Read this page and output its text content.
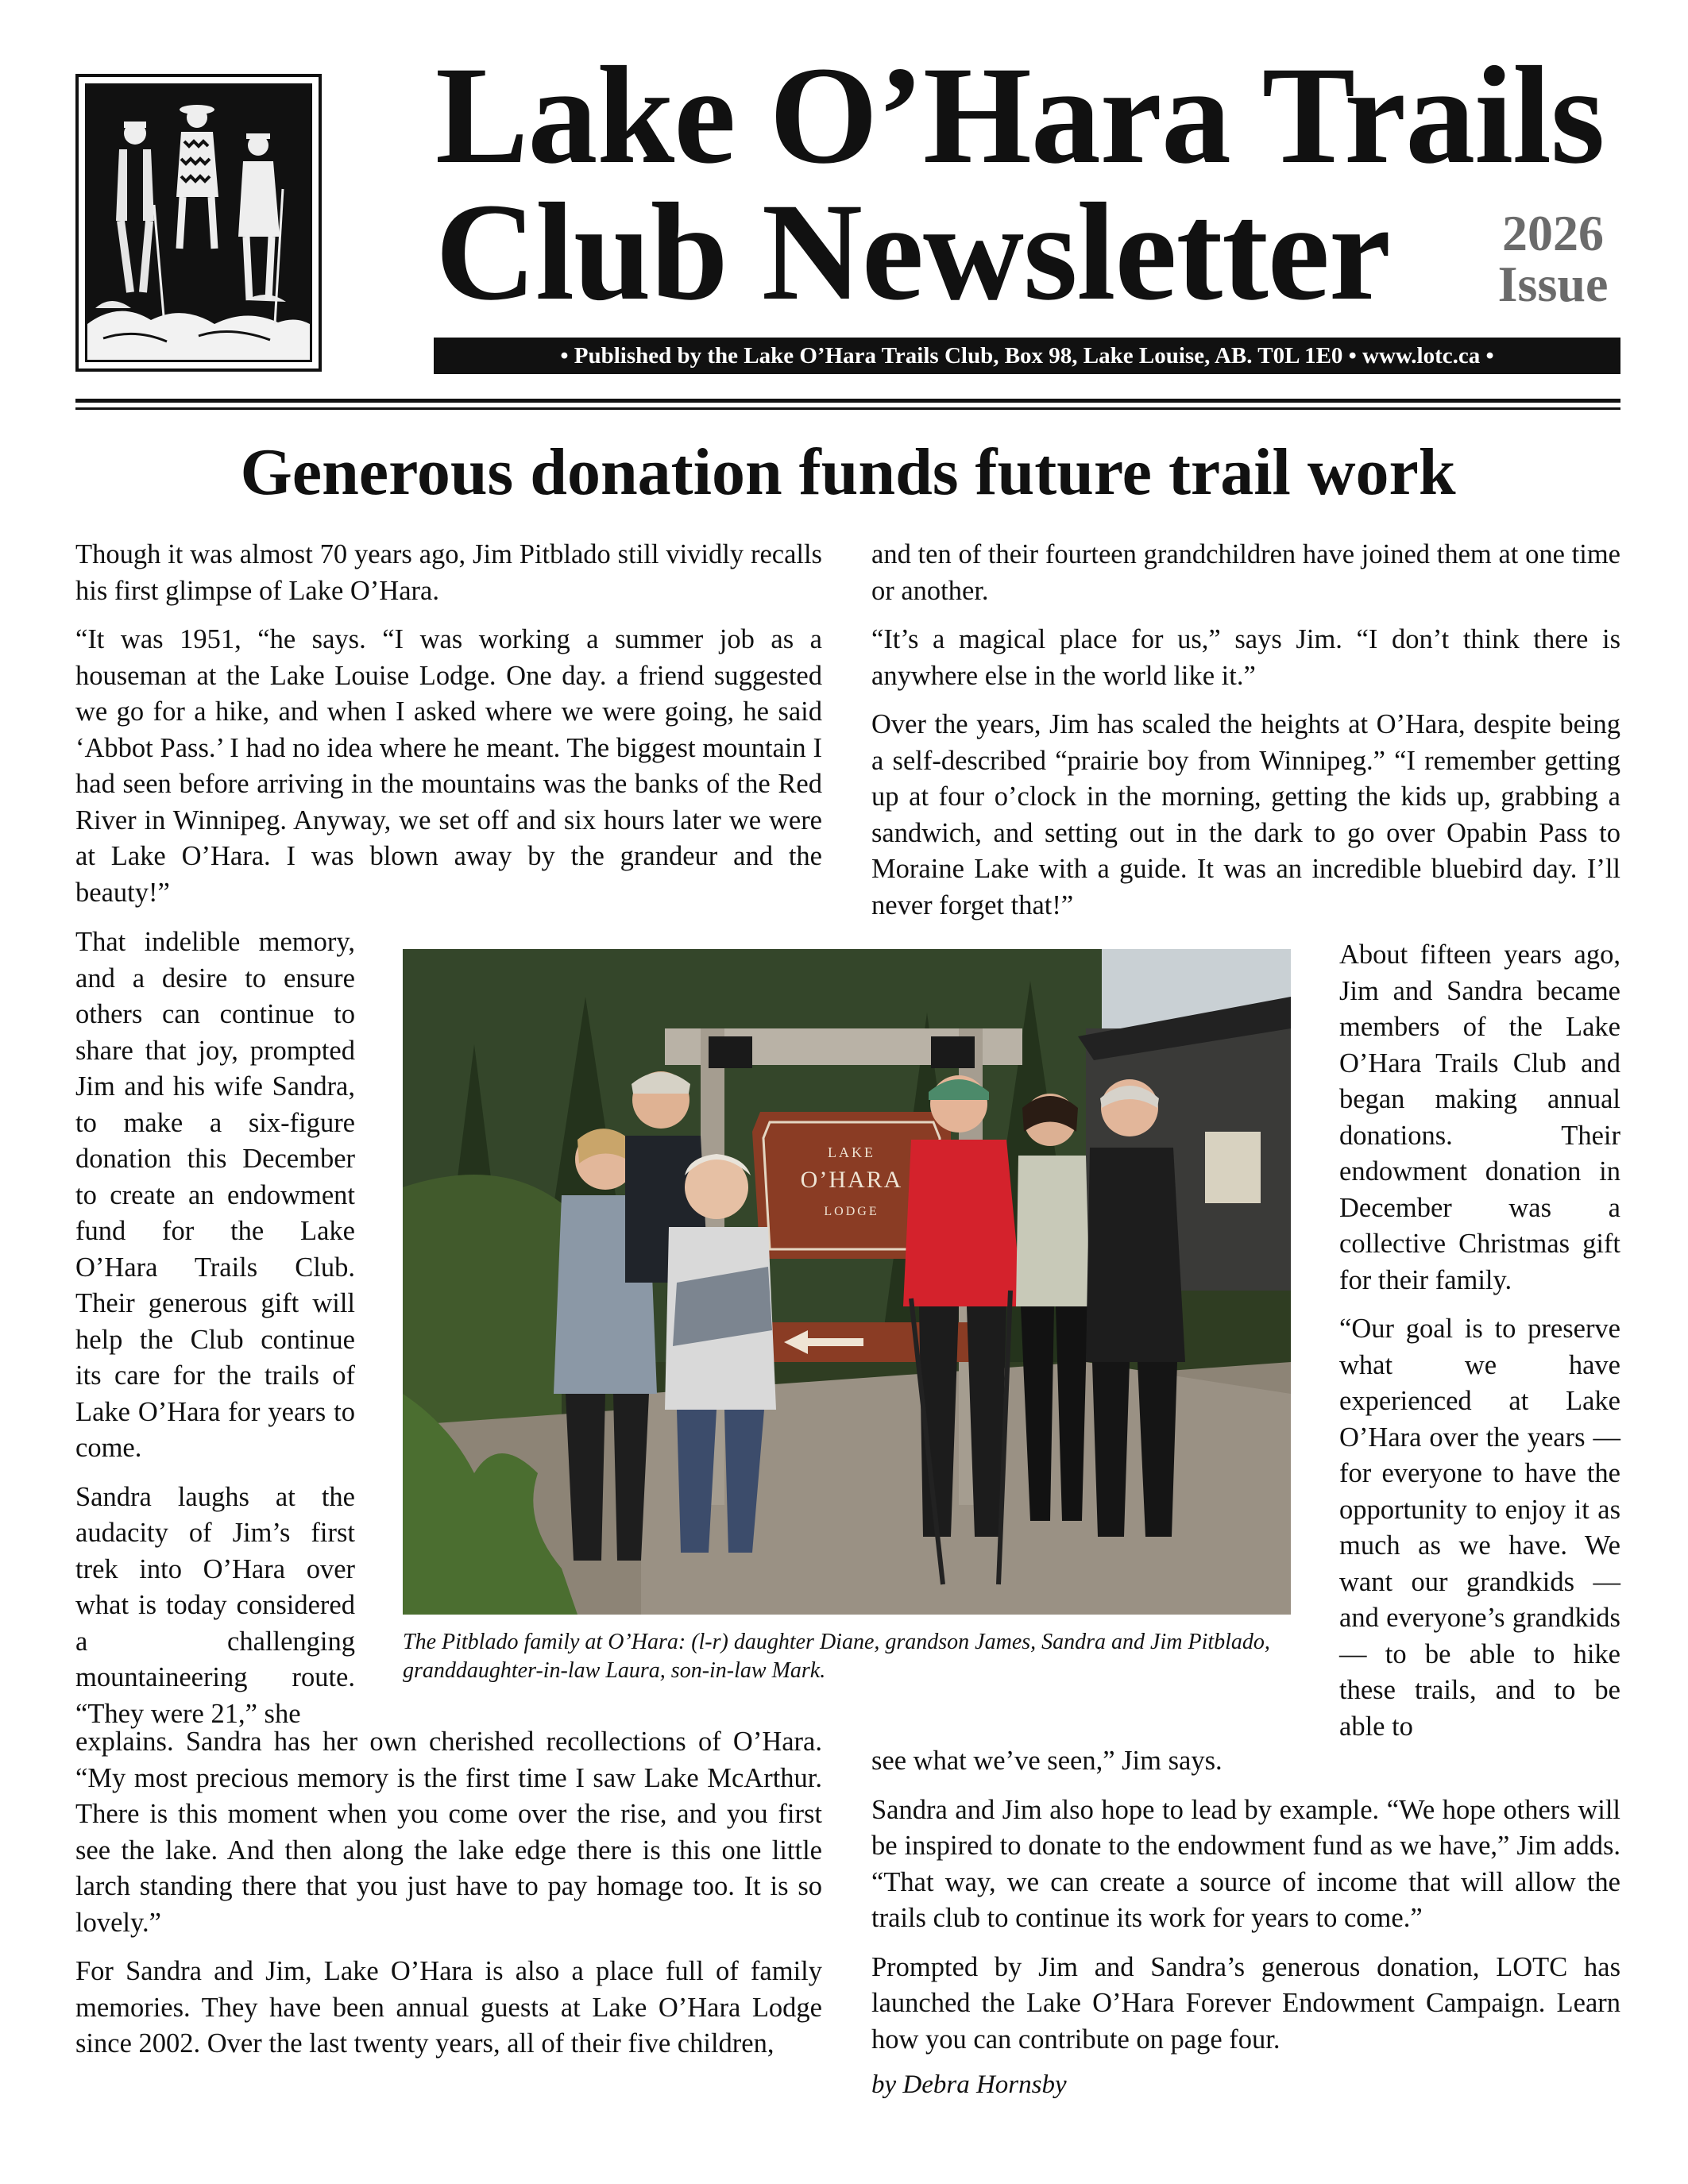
Lake O’Hara Trails
Club Newsletter	2026
Issue
• Published by the Lake O’Hara Trails Club, Box 98, Lake Louise, AB. T0L 1E0 • www.lotc.ca •
Generous donation funds future trail work

Though it was almost 70 years ago, Jim Pitblado still vividly recalls his first glimpse of Lake O’Hara.

“It was 1951, “he says. “I was working a summer job as a houseman at the Lake Louise Lodge. One day. a friend suggested we go for a hike, and when I asked where we were going, he said ‘Abbot Pass.’ I had no idea where he meant. The biggest mountain I had seen before arriving in the mountains was the banks of the Red River in Winnipeg. Anyway, we set off and six hours later we were at Lake O’Hara. I was blown away by the grandeur and the beauty!”

That indelible memory, and a desire to ensure others can continue to share that joy, prompted Jim and his wife Sandra, to make a six-figure donation this December to create an endowment fund for the Lake O’Hara Trails Club. Their generous gift will help the Club continue its care for the trails of Lake O’Hara for years to come.

Sandra laughs at the audacity of Jim’s first trek into O’Hara over what is today considered a challenging mountaineering route. “They were 21,” she

explains. Sandra has her own cherished recollections of O’Hara. “My most precious memory is the first time I saw Lake McArthur. There is this moment when you come over the rise, and you first see the lake. And then along the lake edge there is this one little larch standing there that you just have to pay homage too. It is so lovely.”

For Sandra and Jim, Lake O’Hara is also a place full of family memories. They have been annual guests at Lake O’Hara Lodge since 2002. Over the last twenty years, all of their five children,

and ten of their fourteen grandchildren have joined them at one time or another.

“It’s a magical place for us,” says Jim. “I don’t think there is anywhere else in the world like it.”

Over the years, Jim has scaled the heights at O’Hara, despite being a self-described “prairie boy from Winnipeg.” “I remember getting up at four o’clock in the morning, getting the kids up, grabbing a sandwich, and setting out in the dark to go over Opabin Pass to Moraine Lake with a guide. It was an incredible bluebird day. I’ll never forget that!”

About fifteen years ago, Jim and Sandra became members of the Lake O’Hara Trails Club and began making annual donations. Their endowment donation in December was a collective Christmas gift for their family.

“Our goal is to preserve what we have experienced at Lake O’Hara over the years — for everyone to have the opportunity to enjoy it as much as we have. We want our grandkids — and everyone’s grandkids — to be able to hike these trails, and to be able to

see what we’ve seen,” Jim says.

Sandra and Jim also hope to lead by example. “We hope others will be inspired to donate to the endowment fund as we have,” Jim adds. “That way, we can create a source of income that will allow the trails club to continue its work for years to come.”

Prompted by Jim and Sandra’s generous donation, LOTC has launched the Lake O’Hara Forever Endowment Campaign. Learn how you can contribute on page four.

by Debra Hornsby
LAKE
O’HARA
LODGE
The Pitblado family at O’Hara: (l-r) daughter Diane, grandson James, Sandra and Jim Pitblado, granddaughter-in-law Laura, son-in-law Mark.
